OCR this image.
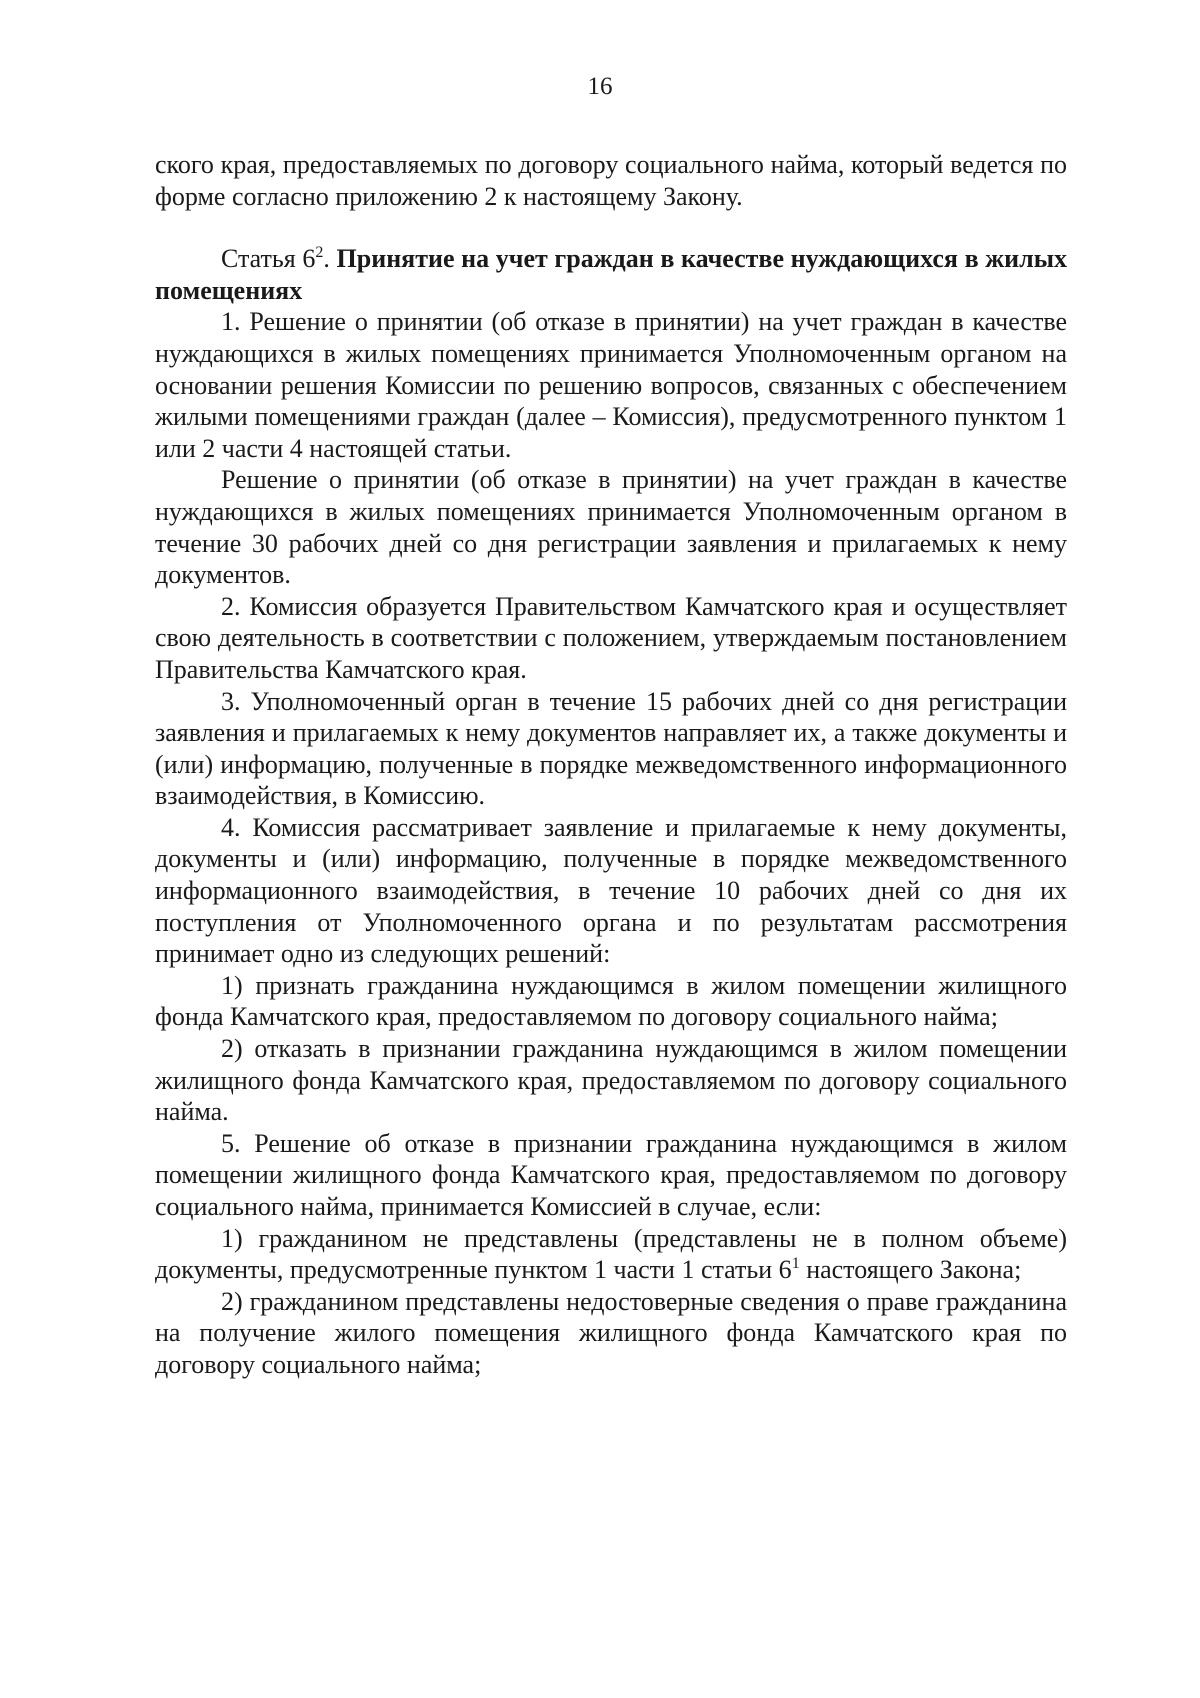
16

ского края, предоставляемых по договору социального найма, который ведется по форме согласно приложению 2 к настоящему Закону.

Статья $6^2$. Принятие на учет граждан в качестве нуждающихся в жилых помещениях

1. Решение о принятии (об отказе в принятии) на учет граждан в качестве нуждающихся в жилых помещениях принимается Уполномоченным органом на основании решения Комиссии по решению вопросов, связанных с обеспечением жилыми помещениями граждан (далее – Комиссия), предусмотренного пунктом 1 или 2 части 4 настоящей статьи.

Решение о принятии (об отказе в принятии) на учет граждан в качестве нуждающихся в жилых помещениях принимается Уполномоченным органом в течение 30 рабочих дней со дня регистрации заявления и прилагаемых к нему документов.

2. Комиссия образуется Правительством Камчатского края и осуществляет свою деятельность в соответствии с положением, утверждаемым постановлением Правительства Камчатского края.

3. Уполномоченный орган в течение 15 рабочих дней со дня регистрации заявления и прилагаемых к нему документов направляет их, а также документы и (или) информацию, полученные в порядке межведомственного информационного взаимодействия, в Комиссию.

4. Комиссия рассматривает заявление и прилагаемые к нему документы, документы и (или) информацию, полученные в порядке межведомственного информационного взаимодействия, в течение 10 рабочих дней со дня их поступления от Уполномоченного органа и по результатам рассмотрения принимает одно из следующих решений:

1) признать гражданина нуждающимся в жилом помещении жилищного фонда Камчатского края, предоставляемом по договору социального найма;

2) отказать в признании гражданина нуждающимся в жилом помещении жилищного фонда Камчатского края, предоставляемом по договору социального найма.

5. Решение об отказе в признании гражданина нуждающимся в жилом помещении жилищного фонда Камчатского края, предоставляемом по договору социального найма, принимается Комиссией в случае, если:

1) гражданином не представлены (представлены не в полном объеме) документы, предусмотренные пунктом 1 части 1 статьи $6^1$ настоящего Закона;

2) гражданином представлены недостоверные сведения о праве гражданина на получение жилого помещения жилищного фонда Камчатского края по договору социального найма;
